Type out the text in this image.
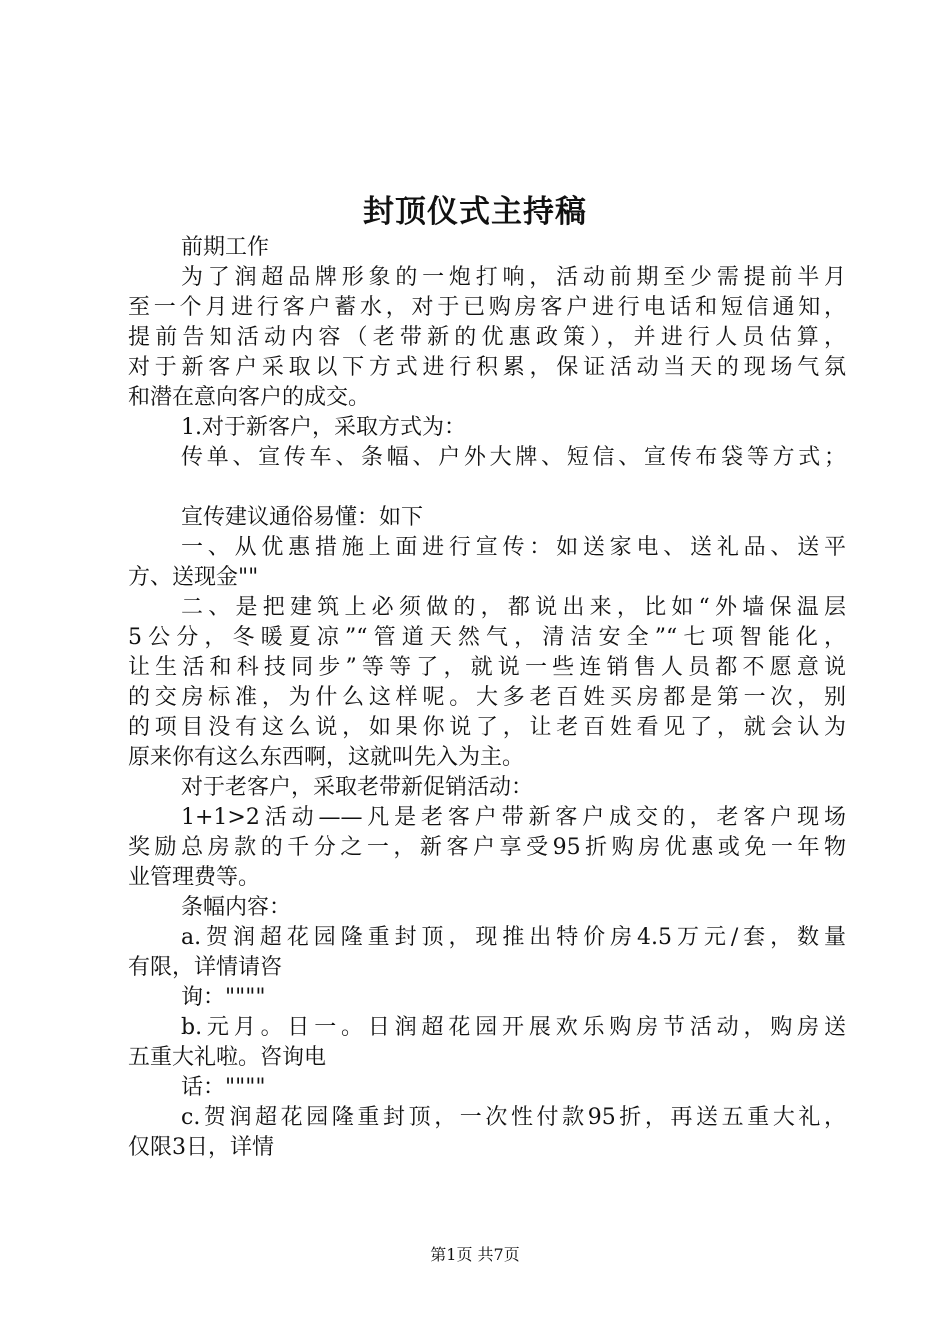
封顶仪式主持稿
前期工作
为了润超品牌形象的一炮打响，活动前期至少需提前半月
至一个月进行客户蓄水，对于已购房客户进行电话和短信通知，
提前告知活动内容（老带新的优惠政策），并进行人员估算，
对于新客户采取以下方式进行积累，保证活动当天的现场气氛
和潜在意向客户的成交。
1.对于新客户，采取方式为：
传单、宣传车、条幅、户外大牌、短信、宣传布袋等方式；
宣传建议通俗易懂：如下
一、从优惠措施上面进行宣传：如送家电、送礼品、送平
方、送现金""
二、是把建筑上必须做的，都说出来，比如“外墙保温层
5公分，冬暖夏凉”“管道天然气，清洁安全”“七项智能化，
让生活和科技同步”等等了，就说一些连销售人员都不愿意说
的交房标准，为什么这样呢。大多老百姓买房都是第一次，别
的项目没有这么说，如果你说了，让老百姓看见了，就会认为
原来你有这么东西啊，这就叫先入为主。
对于老客户，采取老带新促销活动：
1+1>2活动——凡是老客户带新客户成交的，老客户现场
奖励总房款的千分之一，新客户享受95折购房优惠或免一年物
业管理费等。
条幅内容：
a.贺润超花园隆重封顶，现推出特价房4.5万元/套，数量
有限，详情请咨
询：""""
b.元月。日一。日润超花园开展欢乐购房节活动，购房送
五重大礼啦。咨询电
话：""""
c.贺润超花园隆重封顶，一次性付款95折，再送五重大礼，
仅限3日，详情
第1页 共7页
